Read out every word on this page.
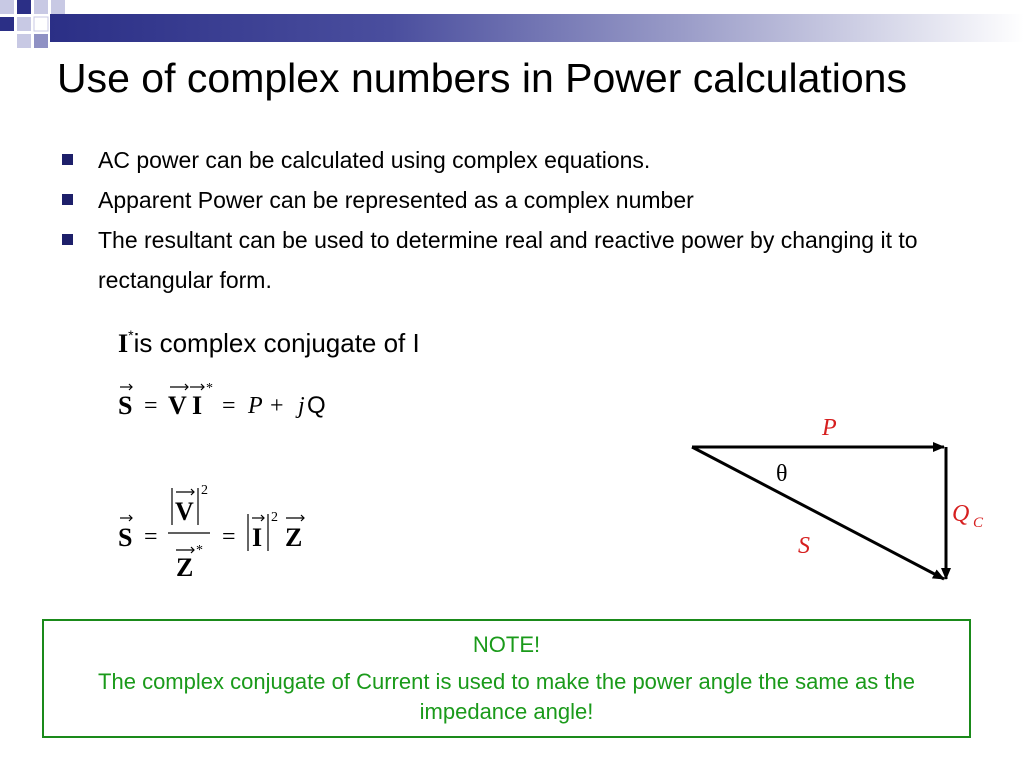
Use of complex numbers in Power calculations
AC power can be calculated using complex equations.
Apparent Power can be represented as a complex number
The resultant can be used to determine real and reactive power by changing it to rectangular form.
I*is complex conjugate of I
S = V I
*
= P + j Q
S =
V
2
Z
*
= I
2
Z
P
θ
S
Q C
NOTE!
The complex conjugate of Current is used to make the power angle the same as the impedance angle!
